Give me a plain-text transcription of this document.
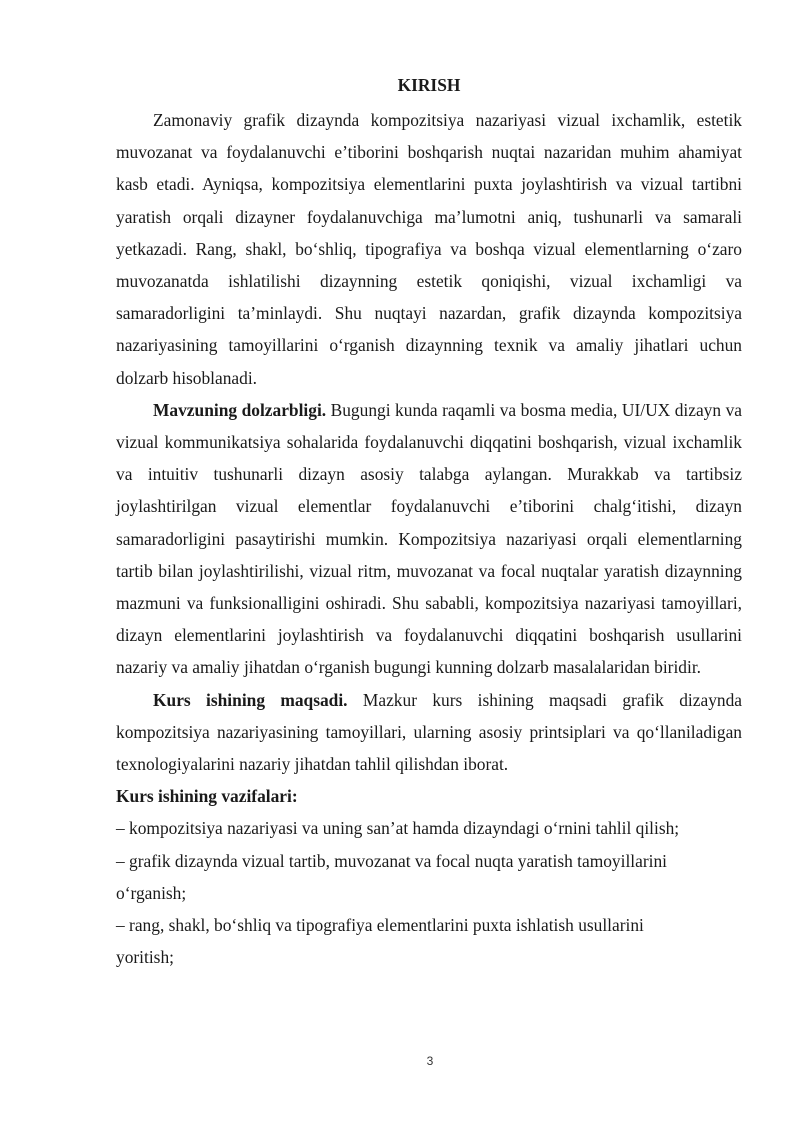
KIRISH

Zamonaviy grafik dizaynda kompozitsiya nazariyasi vizual ixchamlik, estetik muvozanat va foydalanuvchi e’tiborini boshqarish nuqtai nazaridan muhim ahamiyat kasb etadi. Ayniqsa, kompozitsiya elementlarini puxta joylashtirish va vizual tartibni yaratish orqali dizayner foydalanuvchiga ma’lumotni aniq, tushunarli va samarali yetkazadi. Rang, shakl, bo‘shliq, tipografiya va boshqa vizual elementlarning o‘zaro muvozanatda ishlatilishi dizaynning estetik qoniqishi, vizual ixchamligi va samaradorligini ta’minlaydi. Shu nuqtayi nazardan, grafik dizaynda kompozitsiya nazariyasining tamoyillarini o‘rganish dizaynning texnik va amaliy jihatlari uchun dolzarb hisoblanadi.

Mavzuning dolzarbligi. Bugungi kunda raqamli va bosma media, UI/UX dizayn va vizual kommunikatsiya sohalarida foydalanuvchi diqqatini boshqarish, vizual ixchamlik va intuitiv tushunarli dizayn asosiy talabga aylangan. Murakkab va tartibsiz joylashtirilgan vizual elementlar foydalanuvchi e’tiborini chalg‘itishi, dizayn samaradorligini pasaytirishi mumkin. Kompozitsiya nazariyasi orqali elementlarning tartib bilan joylashtirilishi, vizual ritm, muvozanat va focal nuqtalar yaratish dizaynning mazmuni va funksionalligini oshiradi. Shu sababli, kompozitsiya nazariyasi tamoyillari, dizayn elementlarini joylashtirish va foydalanuvchi diqqatini boshqarish usullarini nazariy va amaliy jihatdan o‘rganish bugungi kunning dolzarb masalalaridan biridir.

Kurs ishining maqsadi. Mazkur kurs ishining maqsadi grafik dizaynda kompozitsiya nazariyasining tamoyillari, ularning asosiy printsiplari va qo‘llaniladigan texnologiyalarini nazariy jihatdan tahlil qilishdan iborat.

Kurs ishining vazifalari:

– kompozitsiya nazariyasi va uning san’at hamda dizayndagi o‘rnini tahlil qilish;

– grafik dizaynda vizual tartib, muvozanat va focal nuqta yaratish tamoyillarini o‘rganish;

– rang, shakl, bo‘shliq va tipografiya elementlarini puxta ishlatish usullarini yoritish;

3
